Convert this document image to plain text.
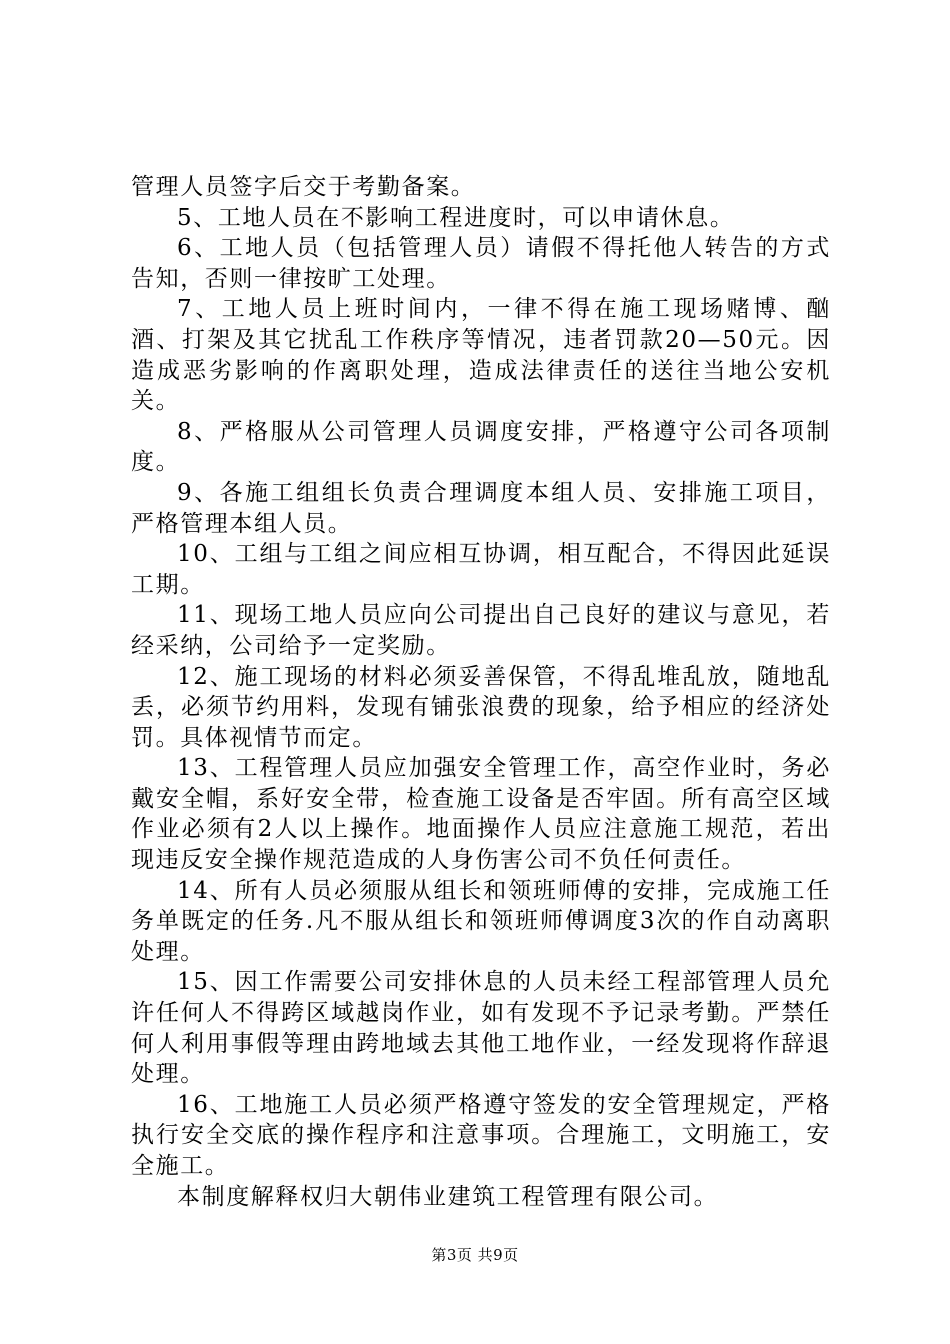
管理人员签字后交于考勤备案。

5、工地人员在不影响工程进度时，可以申请休息。

6、工地人员（包括管理人员）请假不得托他人转告的方式告知，否则一律按旷工处理。

7、工地人员上班时间内，一律不得在施工现场赌博、酗酒、打架及其它扰乱工作秩序等情况，违者罚款20—50元。因造成恶劣影响的作离职处理，造成法律责任的送往当地公安机关。

8、严格服从公司管理人员调度安排，严格遵守公司各项制度。

9、各施工组组长负责合理调度本组人员、安排施工项目，严格管理本组人员。

10、工组与工组之间应相互协调，相互配合，不得因此延误工期。

11、现场工地人员应向公司提出自己良好的建议与意见，若经采纳，公司给予一定奖励。

12、施工现场的材料必须妥善保管，不得乱堆乱放，随地乱丢，必须节约用料，发现有铺张浪费的现象，给予相应的经济处罚。具体视情节而定。

13、工程管理人员应加强安全管理工作，高空作业时，务必戴安全帽，系好安全带，检查施工设备是否牢固。所有高空区域作业必须有2人以上操作。地面操作人员应注意施工规范，若出现违反安全操作规范造成的人身伤害公司不负任何责任。

14、所有人员必须服从组长和领班师傅的安排，完成施工任务单既定的任务.凡不服从组长和领班师傅调度3次的作自动离职处理。

15、因工作需要公司安排休息的人员未经工程部管理人员允许任何人不得跨区域越岗作业，如有发现不予记录考勤。严禁任何人利用事假等理由跨地域去其他工地作业，一经发现将作辞退处理。

16、工地施工人员必须严格遵守签发的安全管理规定，严格执行安全交底的操作程序和注意事项。合理施工，文明施工，安全施工。

本制度解释权归大朝伟业建筑工程管理有限公司。

第3页 共9页
